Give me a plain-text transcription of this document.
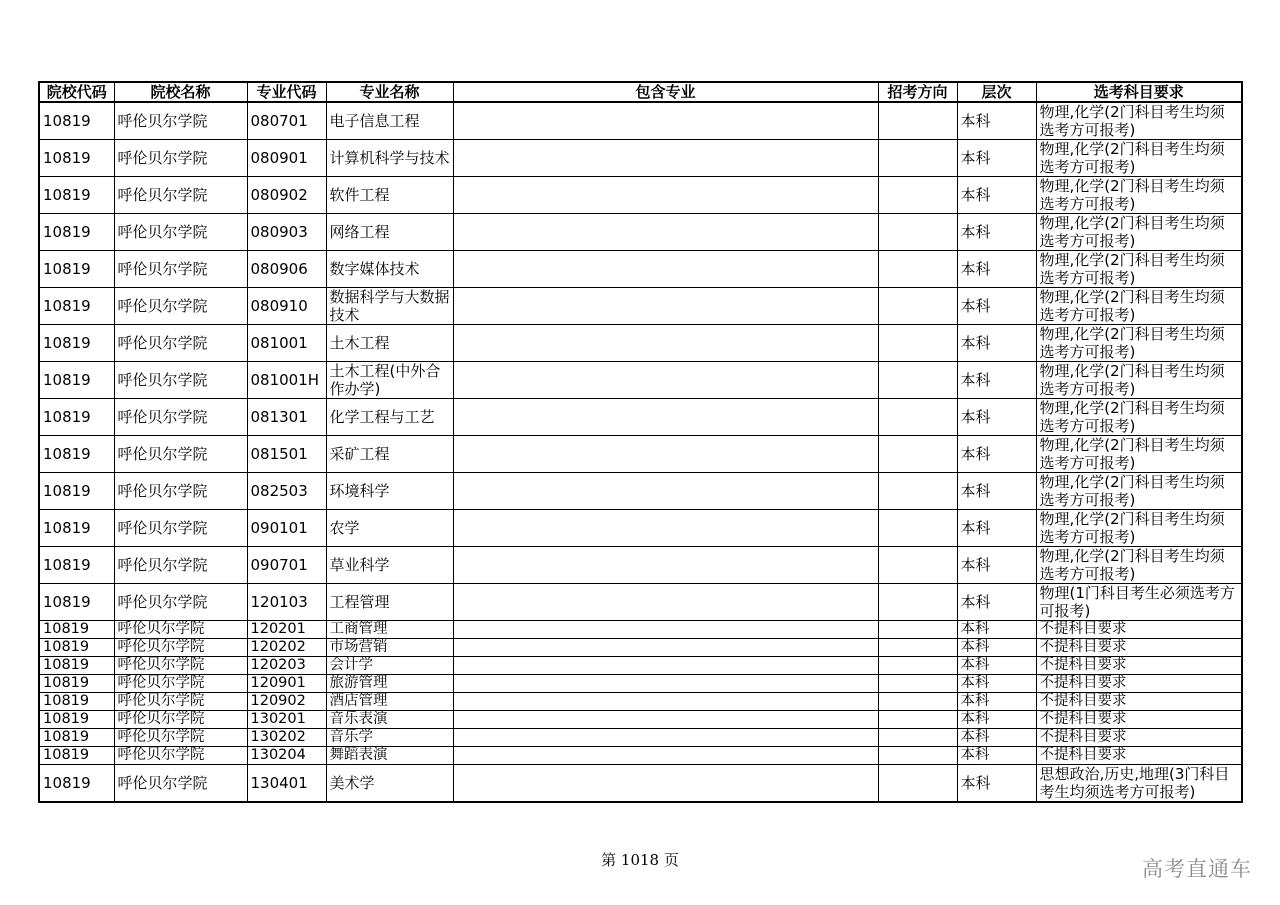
院校代码	院校名称	专业代码	专业名称	包含专业	招考方向	层次	选考科目要求
10819	呼伦贝尔学院	080701	电子信息工程			本科	物理,化学(2门科目考生均须选考方可报考)
10819	呼伦贝尔学院	080901	计算机科学与技术			本科	物理,化学(2门科目考生均须选考方可报考)
10819	呼伦贝尔学院	080902	软件工程			本科	物理,化学(2门科目考生均须选考方可报考)
10819	呼伦贝尔学院	080903	网络工程			本科	物理,化学(2门科目考生均须选考方可报考)
10819	呼伦贝尔学院	080906	数字媒体技术			本科	物理,化学(2门科目考生均须选考方可报考)
10819	呼伦贝尔学院	080910	数据科学与大数据技术			本科	物理,化学(2门科目考生均须选考方可报考)
10819	呼伦贝尔学院	081001	土木工程			本科	物理,化学(2门科目考生均须选考方可报考)
10819	呼伦贝尔学院	081001H	土木工程(中外合作办学)			本科	物理,化学(2门科目考生均须选考方可报考)
10819	呼伦贝尔学院	081301	化学工程与工艺			本科	物理,化学(2门科目考生均须选考方可报考)
10819	呼伦贝尔学院	081501	采矿工程			本科	物理,化学(2门科目考生均须选考方可报考)
10819	呼伦贝尔学院	082503	环境科学			本科	物理,化学(2门科目考生均须选考方可报考)
10819	呼伦贝尔学院	090101	农学			本科	物理,化学(2门科目考生均须选考方可报考)
10819	呼伦贝尔学院	090701	草业科学			本科	物理,化学(2门科目考生均须选考方可报考)
10819	呼伦贝尔学院	120103	工程管理			本科	物理(1门科目考生必须选考方可报考)
10819	呼伦贝尔学院	120201	工商管理			本科	不提科目要求
10819	呼伦贝尔学院	120202	市场营销			本科	不提科目要求
10819	呼伦贝尔学院	120203	会计学			本科	不提科目要求
10819	呼伦贝尔学院	120901	旅游管理			本科	不提科目要求
10819	呼伦贝尔学院	120902	酒店管理			本科	不提科目要求
10819	呼伦贝尔学院	130201	音乐表演			本科	不提科目要求
10819	呼伦贝尔学院	130202	音乐学			本科	不提科目要求
10819	呼伦贝尔学院	130204	舞蹈表演			本科	不提科目要求
10819	呼伦贝尔学院	130401	美术学			本科	思想政治,历史,地理(3门科目考生均须选考方可报考)
第 1018 页	高考直通车
